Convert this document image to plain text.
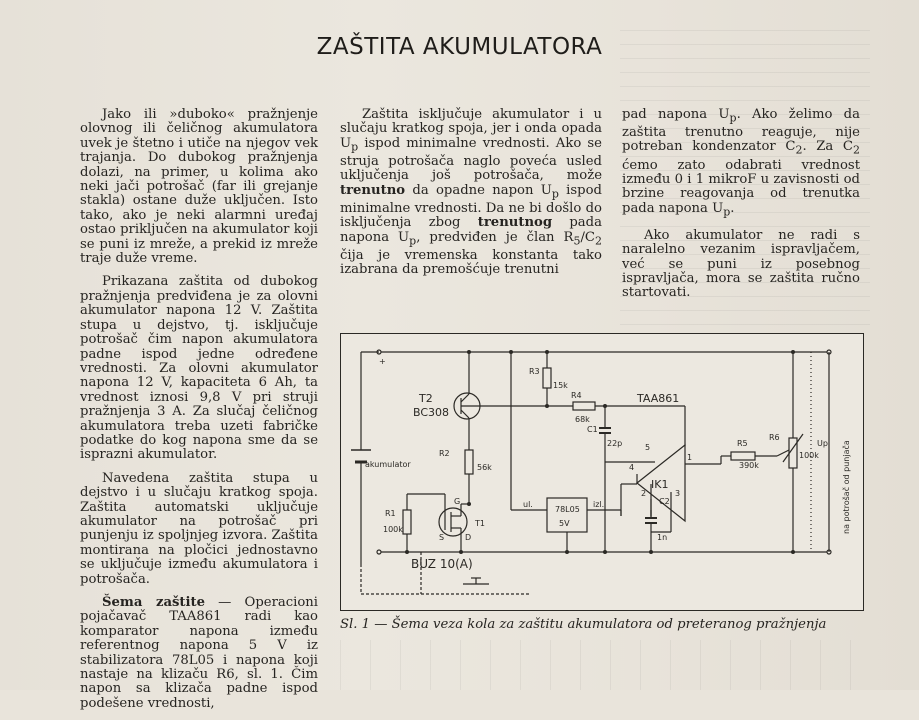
ZAŠTITA AKUMULATORA

Jako ili »duboko« pražnjenje olovnog ili čeličnog akumulatora uvek je štetno i utiče na njegov vek trajanja. Do dubokog pražnjenja dolazi, na primer, u kolima ako neki jači potrošač (far ili grejanje stakla) ostane duže uključen. Isto tako, ako je neki alarmni uređaj ostao priključen na akumulator koji se puni iz mreže, a prekid iz mreže traje duže vreme.

Prikazana zaštita od dubokog pražnjenja predviđena je za olovni akumulator napona 12 V. Zaštita stupa u dejstvo, tj. isključuje potrošač čim napon akumulatora padne ispod jedne određene vrednosti. Za olovni akumulator napona 12 V, kapaciteta 6 Ah, ta vrednost iznosi 9,8 V pri struji pražnjenja 3 A. Za slučaj čeličnog akumulatora treba uzeti fabričke podatke do kog napona sme da se isprazni akumulator.

Navedena zaštita stupa u dejstvo i u slučaju kratkog spoja. Zaštita automatski uključuje akumulator na potrošač pri punjenju iz spoljnjeg izvora. Zaštita montirana na pločici jednostavno se uključuje između akumulatora i potrošača.

Šema zaštite — Operacioni pojačavač TAA861 radi kao komparator napona između referentnog napona 5 V iz stabilizatora 78L05 i napona koji nastaje na klizaču R6, sl. 1. Čim napon sa klizača padne ispod podešene vrednosti,

Zaštita isključuje akumulator i u slučaju kratkog spoja, jer i onda opada $U_p$ ispod minimalne vrednosti. Ako se struja potrošača naglo poveća usled uključenja još potrošača, može trenutno da opadne napon $U_p$ ispod minimalne vrednosti. Da ne bi došlo do isključenja zbog trenutnog pada napona $U_p$, predviđen je član $R_5/C_2$ čija je vremenska konstanta tako izabrana da premošćuje trenutni

pad napona $U_p$. Ako želimo da zaštita trenutno reaguje, nije potreban kondenzator $C_2$. Za $C_2$ ćemo zato odabrati vrednost između 0 i 1 mikroF u zavisnosti od brzine reagovanja od trenutka pada napona $U_p$.

Ako akumulator ne radi s naralelno vezanim ispravljačem, već se puni iz posebnog ispravljača, mora se zaštita ručno startovati.

+
akumulator
T2
BC308
R3
15k
R4
68k
TAA861
C1
22p
R2
56k
R5
390k
R6
100k
Up
IK1
78L05
5V
ul.	izl.
R1
100k
T1
BUZ 10(A)
C2
1n
G
S	D
5
1
4
2	3	na potrošač od punjača
Sl. 1 — Šema veza kola za zaštitu akumulatora od preteranog pražnjenja
